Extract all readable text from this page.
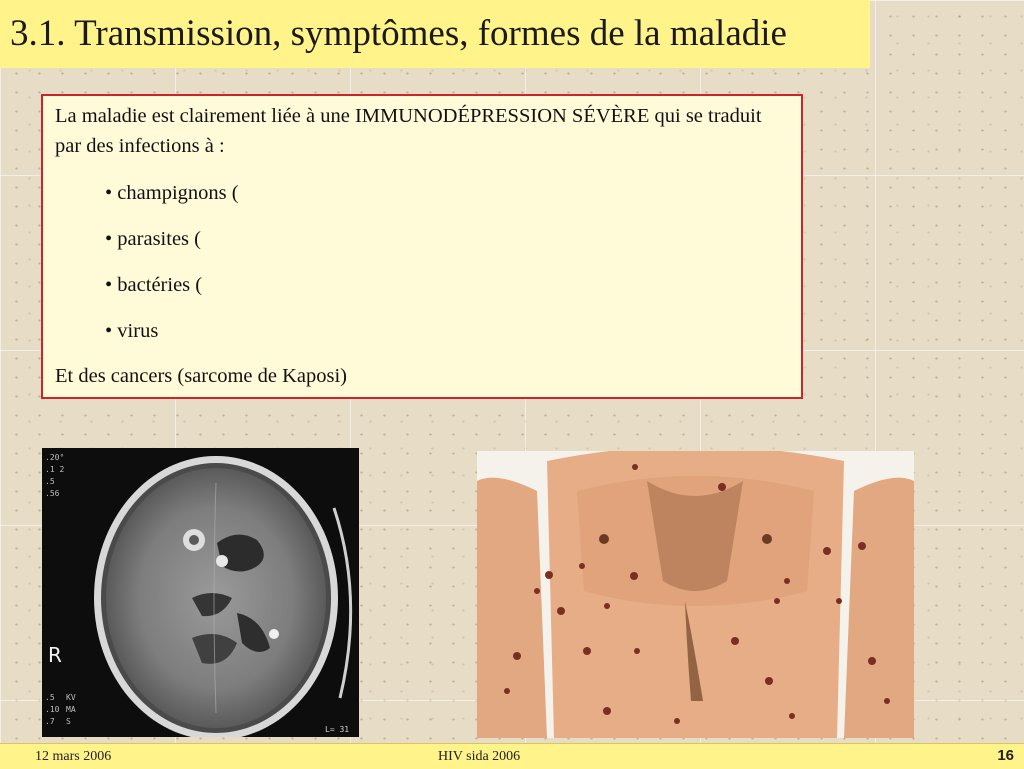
3.1. Transmission, symptômes, formes de la maladie

La maladie est clairement liée à une IMMUNODÉPRESSION SÉVÈRE qui se traduit par des infections à :

• champignons (

• parasites (

• bactéries (

• virus

Et des cancers (sarcome de Kaposi)

.20°
.1 2
.5
.56
.5
.10
.7
KV
MA
S
R
L= 31
12 mars 2006	HIV sida 2006	16
